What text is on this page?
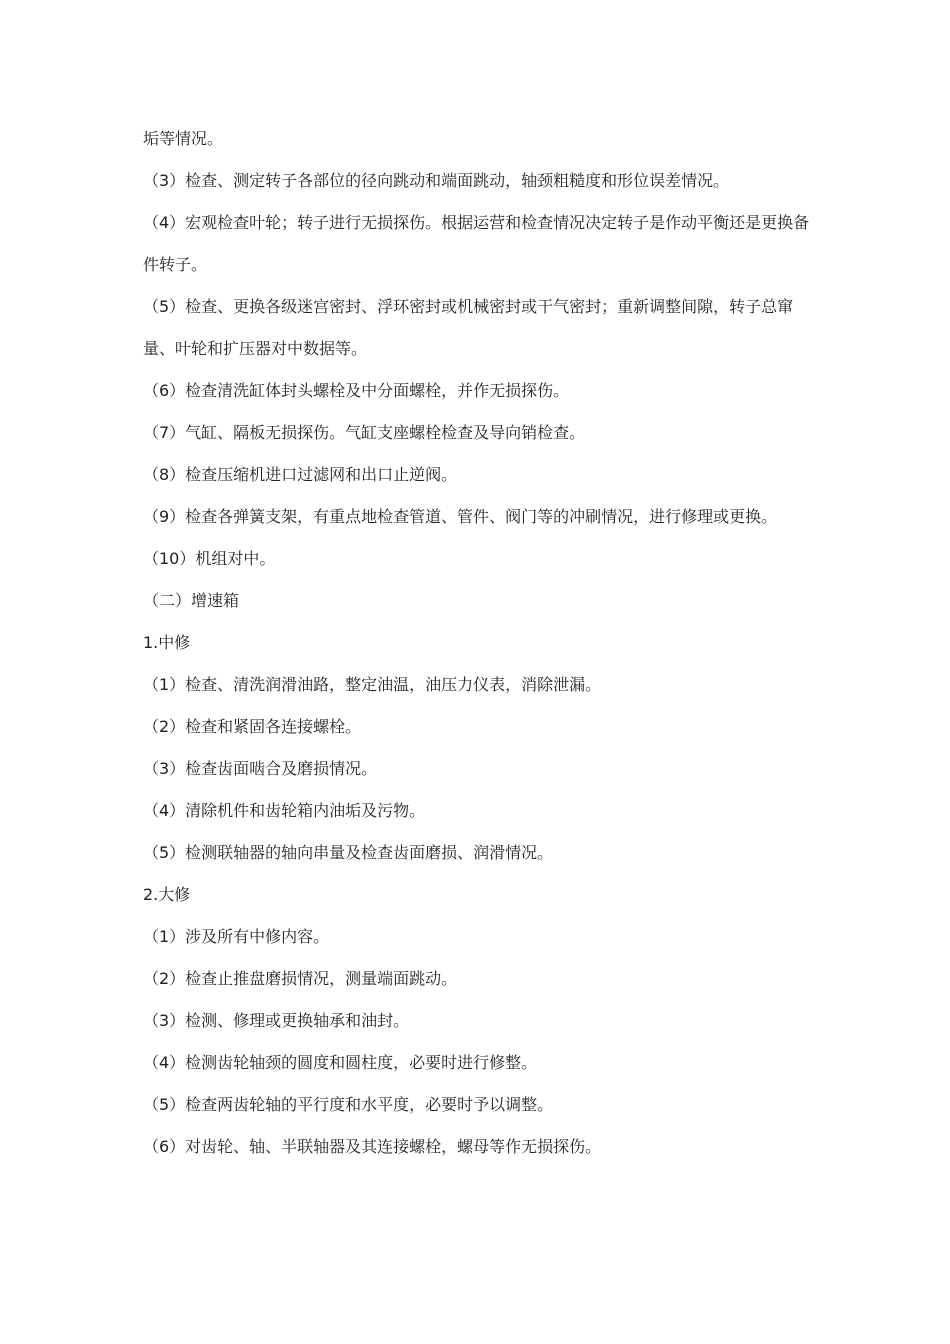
垢等情况。

（3）检查、测定转子各部位的径向跳动和端面跳动，轴颈粗糙度和形位误差情况。

（4）宏观检查叶轮；转子进行无损探伤。根据运营和检查情况决定转子是作动平衡还是更换备件转子。

（5）检查、更换各级迷宫密封、浮环密封或机械密封或干气密封；重新调整间隙，转子总窜量、叶轮和扩压器对中数据等。

（6）检查清洗缸体封头螺栓及中分面螺栓，并作无损探伤。

（7）气缸、隔板无损探伤。气缸支座螺栓检查及导向销检查。

（8）检查压缩机进口过滤网和出口止逆阀。

（9）检查各弹簧支架，有重点地检查管道、管件、阀门等的冲刷情况，进行修理或更换。

（10）机组对中。

（二）增速箱

1.中修

（1）检查、清洗润滑油路，整定油温，油压力仪表，消除泄漏。

（2）检查和紧固各连接螺栓。

（3）检查齿面啮合及磨损情况。

（4）清除机件和齿轮箱内油垢及污物。

（5）检测联轴器的轴向串量及检查齿面磨损、润滑情况。

2.大修

（1）涉及所有中修内容。

（2）检查止推盘磨损情况，测量端面跳动。

（3）检测、修理或更换轴承和油封。

（4）检测齿轮轴颈的圆度和圆柱度，必要时进行修整。

（5）检查两齿轮轴的平行度和水平度，必要时予以调整。

（6）对齿轮、轴、半联轴器及其连接螺栓，螺母等作无损探伤。
